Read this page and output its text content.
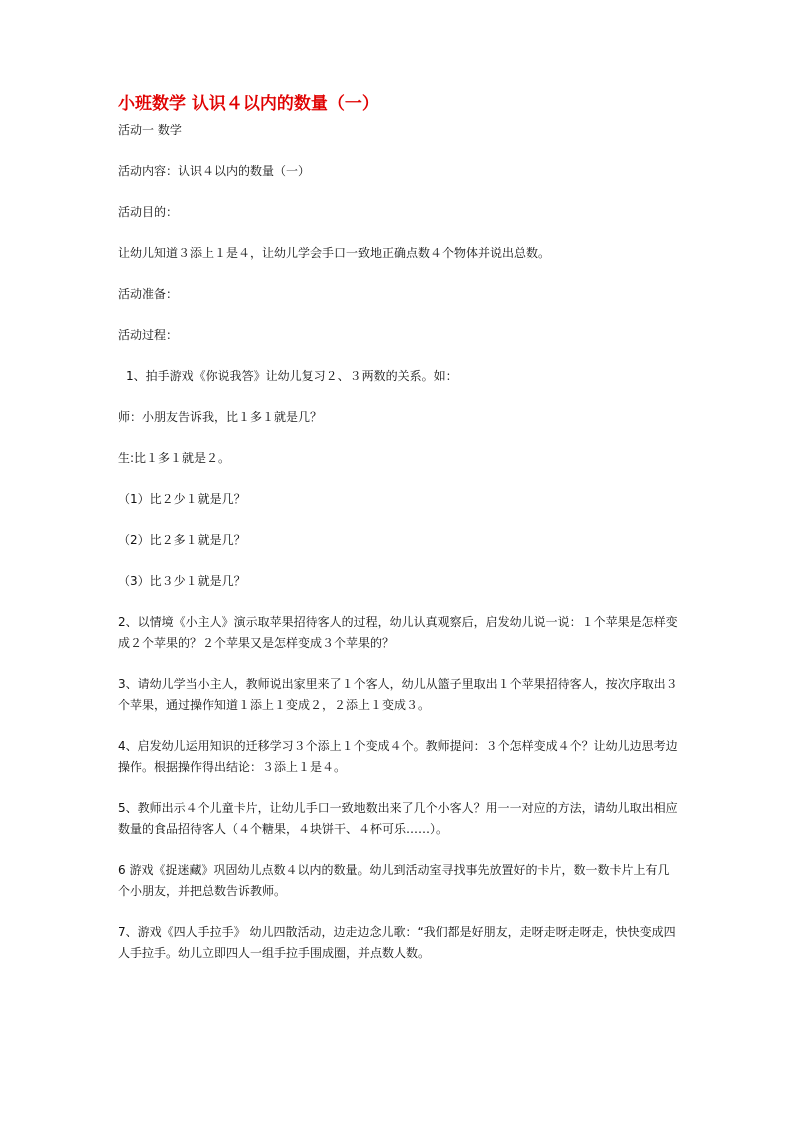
小班数学 认识４以内的数量（一）

活动一 数学

活动内容：认识４以内的数量（一）

活动目的：

让幼儿知道３添上１是４，让幼儿学会手口一致地正确点数４个物体并说出总数。

活动准备：

活动过程：

1、拍手游戏《你说我答》让幼儿复习２、３两数的关系。如：

师：小朋友告诉我，比１多１就是几？

生:比１多１就是２。

（1）比２少１就是几？

（2）比２多１就是几？

（3）比３少１就是几？

2、以情境《小主人》演示取苹果招待客人的过程，幼儿认真观察后，启发幼儿说一说：１个苹果是怎样变成２个苹果的？２个苹果又是怎样变成３个苹果的？

3、请幼儿学当小主人，教师说出家里来了１个客人，幼儿从篮子里取出１个苹果招待客人，按次序取出３个苹果，通过操作知道１添上１变成２，２添上１变成３。

4、启发幼儿运用知识的迁移学习３个添上１个变成４个。教师提问：３个怎样变成４个？让幼儿边思考边操作。根据操作得出结论：３添上１是４。

5、教师出示４个儿童卡片，让幼儿手口一致地数出来了几个小客人？用一一对应的方法，请幼儿取出相应数量的食品招待客人（４个糖果，４块饼干、４杯可乐……）。

6 游戏《捉迷藏》巩固幼儿点数４以内的数量。幼儿到活动室寻找事先放置好的卡片，数一数卡片上有几个小朋友，并把总数告诉教师。

7、游戏《四人手拉手》 幼儿四散活动，边走边念儿歌：“我们都是好朋友，走呀走呀走呀走，快快变成四人手拉手。幼儿立即四人一组手拉手围成圈，并点数人数。
